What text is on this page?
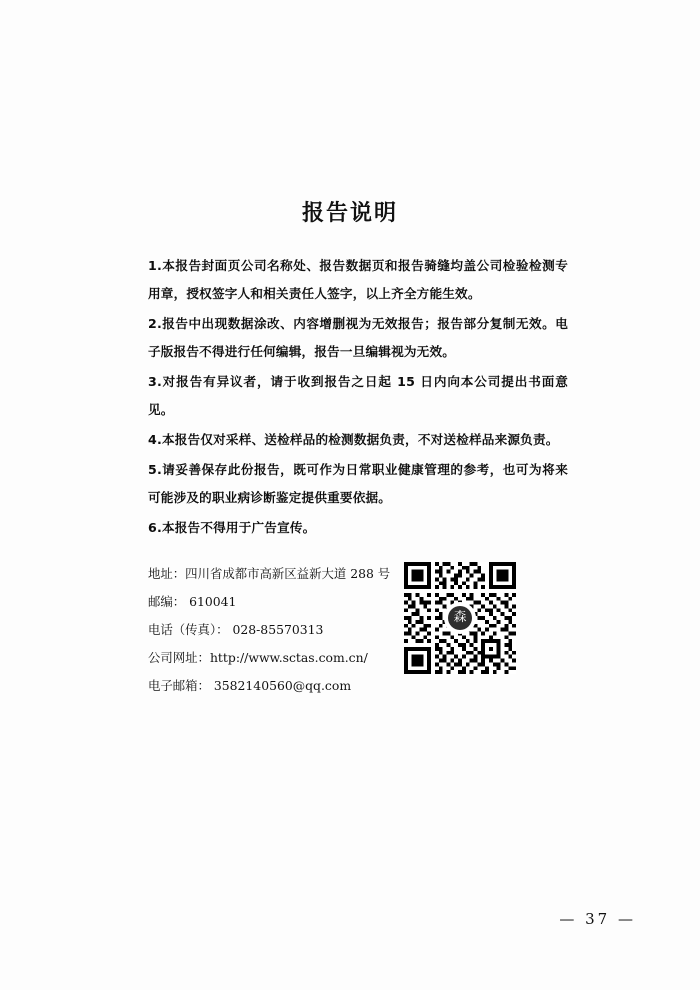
报告说明
1.本报告封面页公司名称处、报告数据页和报告骑缝均盖公司检验检测专用章，授权签字人和相关责任人签字，以上齐全方能生效。
2.报告中出现数据涂改、内容增删视为无效报告；报告部分复制无效。电子版报告不得进行任何编辑，报告一旦编辑视为无效。
3.对报告有异议者，请于收到报告之日起 15 日内向本公司提出书面意见。
4.本报告仅对采样、送检样品的检测数据负责，不对送检样品来源负责。
5.请妥善保存此份报告，既可作为日常职业健康管理的参考，也可为将来可能涉及的职业病诊断鉴定提供重要依据。
6.本报告不得用于广告宣传。
地址：四川省成都市高新区益新大道 288 号
邮编： 610041
电话（传真）： 028-85570313
公司网址：http://www.sctas.com.cn/
电子邮箱： 3582140560@qq.com
森
— 37 —
